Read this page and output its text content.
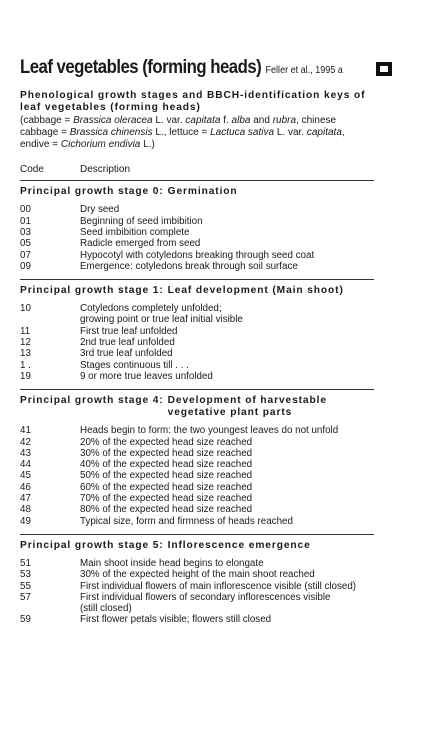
Leaf vegetables (forming heads) Feller et al., 1995 a
Phenological growth stages and BBCH-identification keys of leaf vegetables (forming heads)
(cabbage = Brassica oleracea L. var. capitata f. alba and rubra, chinese cabbage = Brassica chinensis L., lettuce = Lactuca sativa L. var. capitata, endive = Cichorium endivia L.)
Code	Description
Principal growth stage 0: Germination
00	Dry seed
01	Beginning of seed imbibition
03	Seed imbibition complete
05	Radicle emerged from seed
07	Hypocotyl with cotyledons breaking through seed coat
09	Emergence: cotyledons break through soil surface
Principal growth stage 1: Leaf development (Main shoot)
10	Cotyledons completely unfolded;
growing point or true leaf initial visible
11	First true leaf unfolded
12	2nd true leaf unfolded
13	3rd true leaf unfolded
1 .	Stages continuous till . . .
19	9 or more true leaves unfolded
Principal growth stage 4: Development of harvestable vegetative plant parts
41	Heads begin to form: the two youngest leaves do not unfold
42	20% of the expected head size reached
43	30% of the expected head size reached
44	40% of the expected head size reached
45	50% of the expected head size reached
46	60% of the expected head size reached
47	70% of the expected head size reached
48	80% of the expected head size reached
49	Typical size, form and firmness of heads reached
Principal growth stage 5: Inflorescence emergence
51	Main shoot inside head begins to elongate
53	30% of the expected height of the main shoot reached
55	First individual flowers of main inflorescence visible (still closed)
57	First individual flowers of secondary inflorescences visible
(still closed)
59	First flower petals visible; flowers still closed
